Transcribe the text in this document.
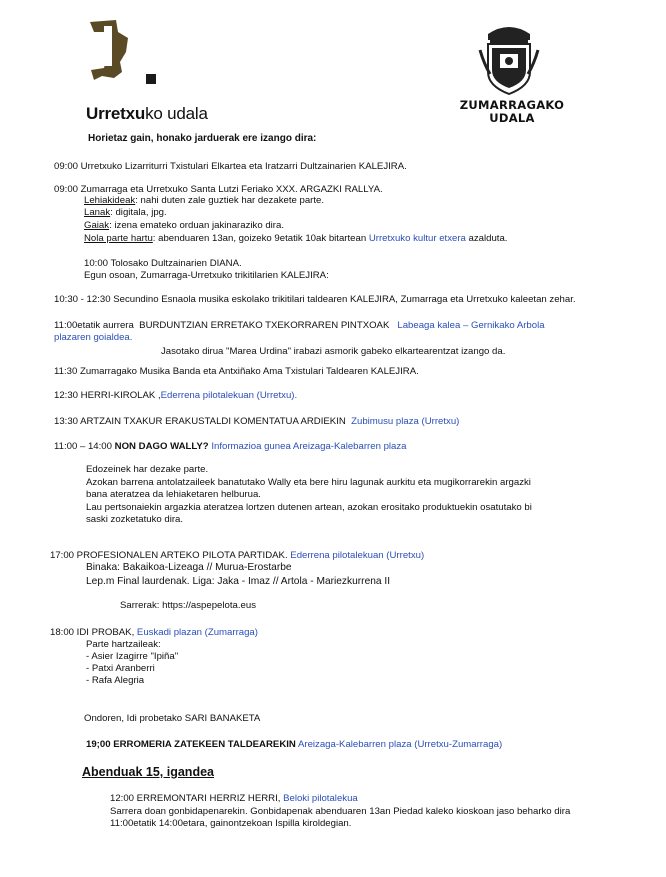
Urretxuko udala	ZUMARRAGAKO
UDALA
Horietaz gain, honako jarduerak ere izango dira:
09:00 Urretxuko Lizarriturri Txistulari Elkartea eta Iratzarri Dultzainarien KALEJIRA.
09:00 Zumarraga eta Urretxuko Santa Lutzi Feriako XXX. ARGAZKI RALLYA.
Lehiakideak: nahi duten zale guztiek har dezakete parte.
Lanak: digitala, jpg.
Gaiak: izena emateko orduan jakinaraziko dira.
Nola parte hartu: abenduaren 13an, goizeko 9etatik 10ak bitartean Urretxuko kultur etxera azalduta.
10:00 Tolosako Dultzainarien DIANA.
Egun osoan, Zumarraga-Urretxuko trikitilarien KALEJIRA:
10:30 - 12:30 Secundino Esnaola musika eskolako trikitilari taldearen KALEJIRA, Zumarraga eta Urretxuko kaleetan zehar.
11:00etatik aurrera BURDUNTZIAN ERRETAKO TXEKORRAREN PINTXOAK Labeaga kalea – Gernikako Arbola
plazaren goialdea.
Jasotako dirua "Marea Urdina" irabazi asmorik gabeko elkartearentzat izango da.
11:30 Zumarragako Musika Banda eta Antxiñako Ama Txistulari Taldearen KALEJIRA.
12:30 HERRI-KIROLAK ,Ederrena pilotalekuan (Urretxu).
13:30 ARTZAIN TXAKUR ERAKUSTALDI KOMENTATUA ARDIEKIN Zubimusu plaza (Urretxu)
11:00 – 14:00 NON DAGO WALLY? Informazioa gunea Areizaga-Kalebarren plaza
Edozeinek har dezake parte.
Azokan barrena antolatzaileek banatutako Wally eta bere hiru lagunak aurkitu eta mugikorrarekin argazki
bana ateratzea da lehiaketaren helburua.
Lau pertsonaiekin argazkia ateratzea lortzen dutenen artean, azokan erositako produktuekin osatutako bi
saski zozketatuko dira.
17:00 PROFESIONALEN ARTEKO PILOTA PARTIDAK. Ederrena pilotalekuan (Urretxu)
Binaka: Bakaikoa-Lizeaga // Murua-Erostarbe
Lep.m Final laurdenak. Liga: Jaka - Imaz // Artola - Mariezkurrena II
Sarrerak: https://aspepelota.eus
18:00 IDI PROBAK, Euskadi plazan (Zumarraga)
Parte hartzaileak:
- Asier Izagirre "Ipiña"
- Patxi Aranberri
- Rafa Alegria
Ondoren, Idi probetako SARI BANAKETA
19;00 ERROMERIA ZATEKEEN TALDEAREKIN Areizaga-Kalebarren plaza (Urretxu-Zumarraga)
Abenduak 15, igandea
12:00 ERREMONTARI HERRIZ HERRI, Beloki pilotalekua
Sarrera doan gonbidapenarekin. Gonbidapenak abenduaren 13an Piedad kaleko kioskoan jaso beharko dira
11:00etatik 14:00etara, gainontzekoan Ispilla kiroldegian.
